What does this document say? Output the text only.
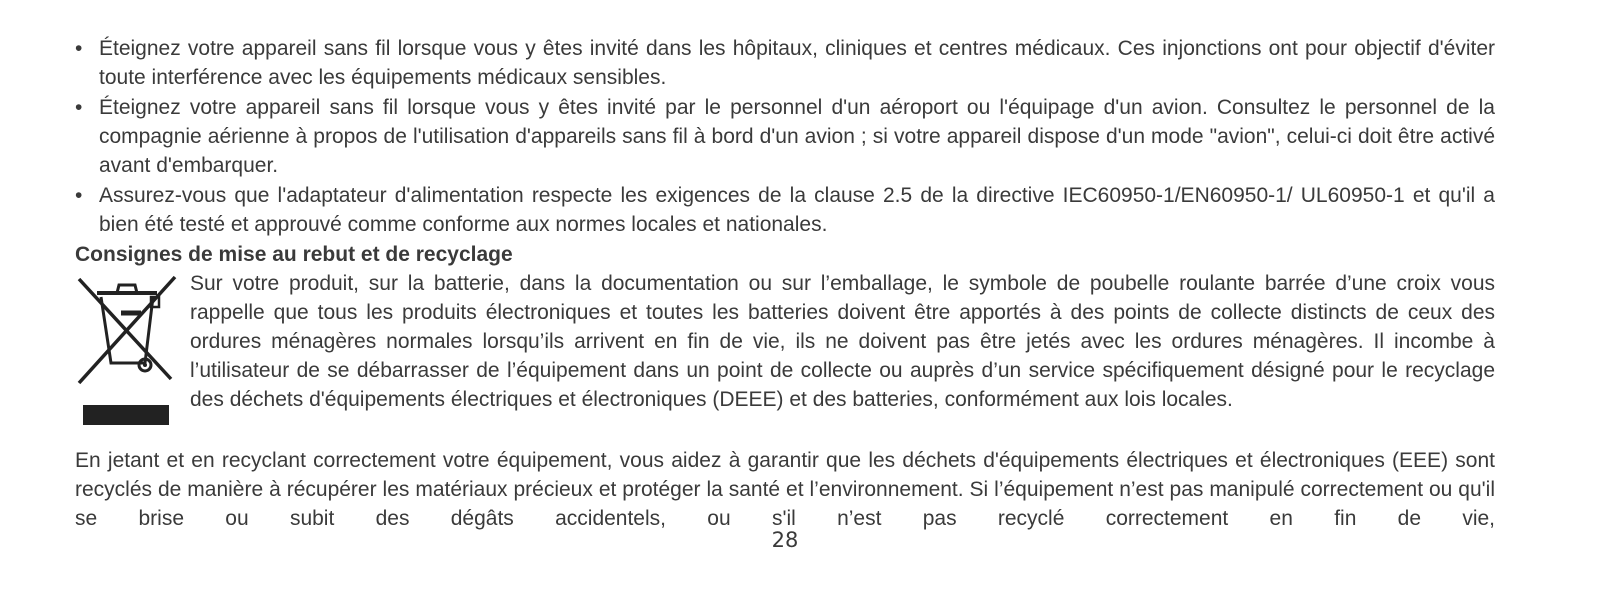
• Éteignez votre appareil sans fil lorsque vous y êtes invité dans les hôpitaux, cliniques et centres médicaux. Ces injonctions ont pour objectif d'éviter toute interférence avec les équipements médicaux sensibles.
• Éteignez votre appareil sans fil lorsque vous y êtes invité par le personnel d'un aéroport ou l'équipage d'un avion. Consultez le personnel de la compagnie aérienne à propos de l'utilisation d'appareils sans fil à bord d'un avion ; si votre appareil dispose d'un mode "avion", celui-ci doit être activé avant d'embarquer.
• Assurez-vous que l'adaptateur d'alimentation respecte les exigences de la clause 2.5 de la directive IEC60950-1/EN60950-1/ UL60950-1 et qu'il a bien été testé et approuvé comme conforme aux normes locales et nationales.

Consignes de mise au rebut et de recyclage

Sur votre produit, sur la batterie, dans la documentation ou sur l’emballage, le symbole de poubelle roulante barrée d’une croix vous rappelle que tous les produits électroniques et toutes les batteries doivent être apportés à des points de collecte distincts de ceux des ordures ménagères normales lorsqu’ils arrivent en fin de vie, ils ne doivent pas être jetés avec les ordures ménagères. Il incombe à l’utilisateur de se débarrasser de l’équipement dans un point de collecte ou auprès d’un service spécifiquement désigné pour le recyclage des déchets d'équipements électriques et électroniques (DEEE) et des batteries, conformément aux lois locales.

En jetant et en recyclant correctement votre équipement, vous aidez à garantir que les déchets d'équipements électriques et électroniques (EEE) sont recyclés de manière à récupérer les matériaux précieux et protéger la santé et l’environnement. Si l’équipement n’est pas manipulé correctement ou qu'il se brise ou subit des dégâts accidentels, ou s'il n’est pas recyclé correctement en fin de vie,

28
